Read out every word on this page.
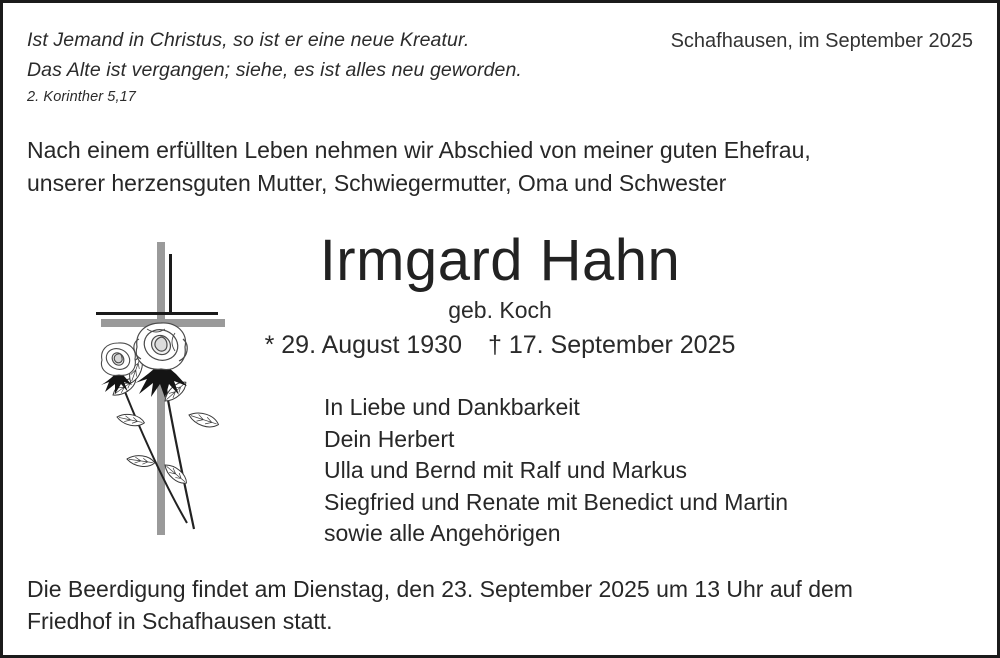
Ist Jemand in Christus, so ist er eine neue Kreatur.
Das Alte ist vergangen; siehe, es ist alles neu geworden.
2. Korinther 5,17
Schafhausen, im September 2025
Nach einem erfüllten Leben nehmen wir Abschied von meiner guten Ehefrau,
unserer herzensguten Mutter, Schwiegermutter, Oma und Schwester
Irmgard Hahn
geb. Koch
* 29. August 1930 † 17. September 2025
In Liebe und Dankbarkeit
Dein Herbert
Ulla und Bernd mit Ralf und Markus
Siegfried und Renate mit Benedict und Martin
sowie alle Angehörigen
Die Beerdigung findet am Dienstag, den 23. September 2025 um 13 Uhr auf dem
Friedhof in Schafhausen statt.
